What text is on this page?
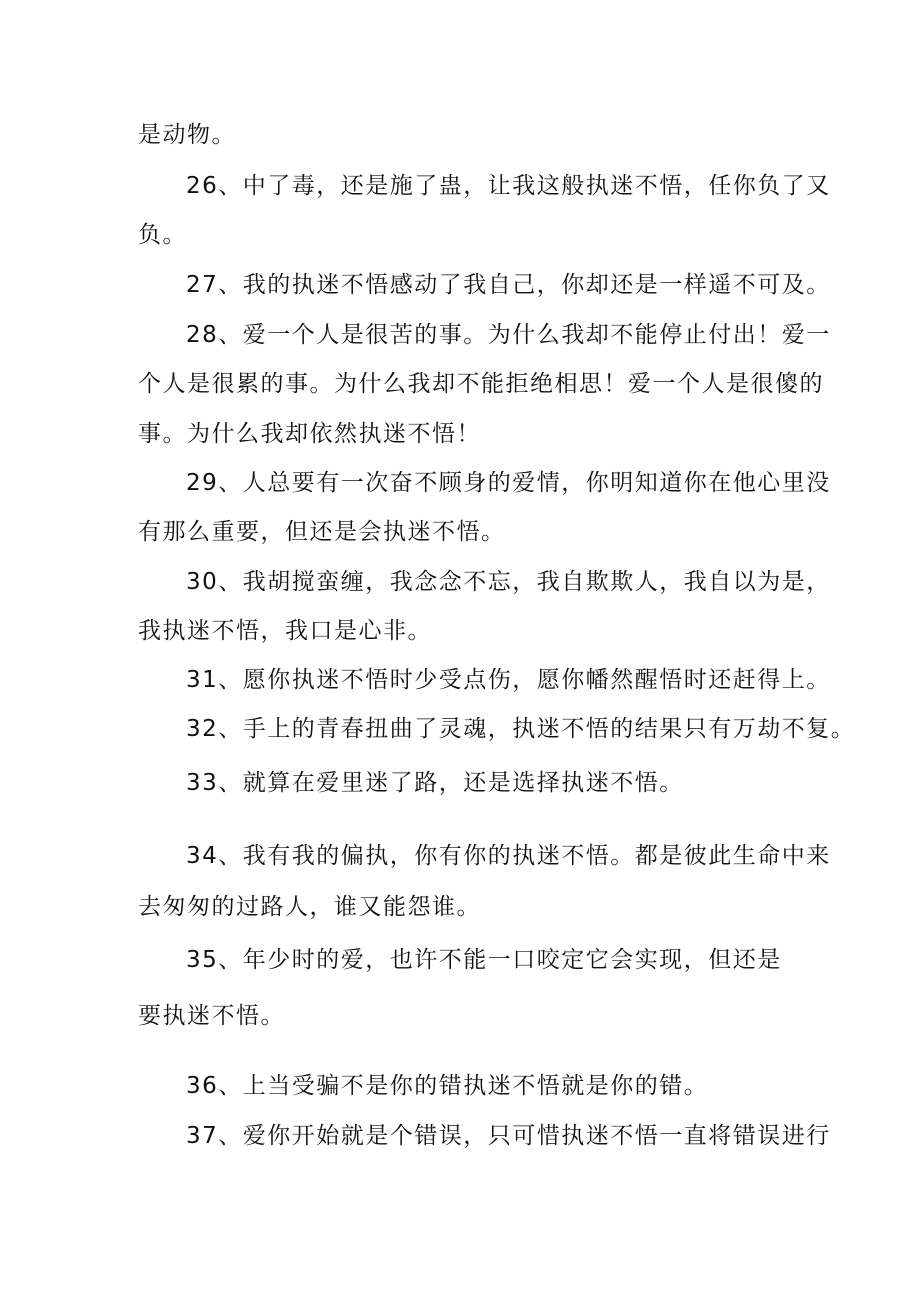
是动物。
26、中了毒，还是施了蛊，让我这般执迷不悟，任你负了又
负。
27、我的执迷不悟感动了我自己，你却还是一样遥不可及。
28、爱一个人是很苦的事。为什么我却不能停止付出！爱一
个人是很累的事。为什么我却不能拒绝相思！爱一个人是很傻的
事。为什么我却依然执迷不悟！
29、人总要有一次奋不顾身的爱情，你明知道你在他心里没
有那么重要，但还是会执迷不悟。
30、我胡搅蛮缠，我念念不忘，我自欺欺人，我自以为是，
我执迷不悟，我口是心非。
31、愿你执迷不悟时少受点伤，愿你幡然醒悟时还赶得上。
32、手上的青春扭曲了灵魂，执迷不悟的结果只有万劫不复。
33、就算在爱里迷了路，还是选择执迷不悟。
34、我有我的偏执，你有你的执迷不悟。都是彼此生命中来
去匆匆的过路人，谁又能怨谁。
35、年少时的爱，也许不能一口咬定它会实现，但还是
要执迷不悟。
36、上当受骗不是你的错执迷不悟就是你的错。
37、爱你开始就是个错误，只可惜执迷不悟一直将错误进行
